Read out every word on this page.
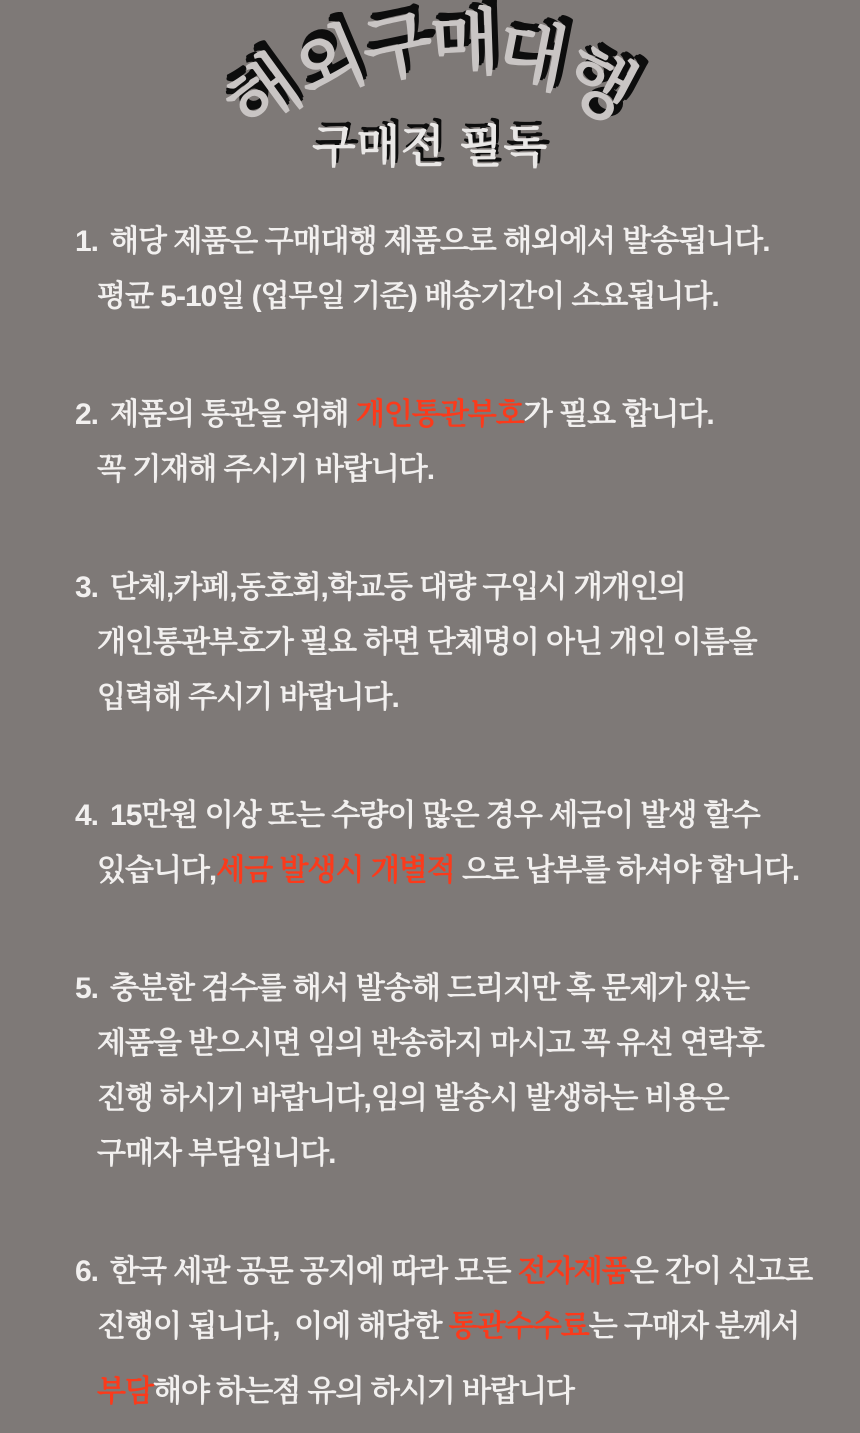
해
외
구
매
대
행
구매전 필독
1. 해당 제품은 구매대행 제품으로 해외에서 발송됩니다.
평균 5-10일 (업무일 기준) 배송기간이 소요됩니다.
2. 제품의 통관을 위해 개인통관부호가 필요 합니다.
꼭 기재해 주시기 바랍니다.
3. 단체,카페,동호회,학교등 대량 구입시 개개인의
개인통관부호가 필요 하면 단체명이 아닌 개인 이름을
입력해 주시기 바랍니다.
4. 15만원 이상 또는 수량이 많은 경우 세금이 발생 할수
있습니다,세금 발생시 개별적 으로 납부를 하셔야 합니다.
5. 충분한 검수를 해서 발송해 드리지만 혹 문제가 있는
제품을 받으시면 임의 반송하지 마시고 꼭 유선 연락후
진행 하시기 바랍니다,임의 발송시 발생하는 비용은
구매자 부담입니다.
6. 한국 세관 공문 공지에 따라 모든 전자제품은 간이 신고로
진행이 됩니다,  이에 해당한 통관수수료는 구매자 분께서
부담해야 하는점 유의 하시기 바랍니다
